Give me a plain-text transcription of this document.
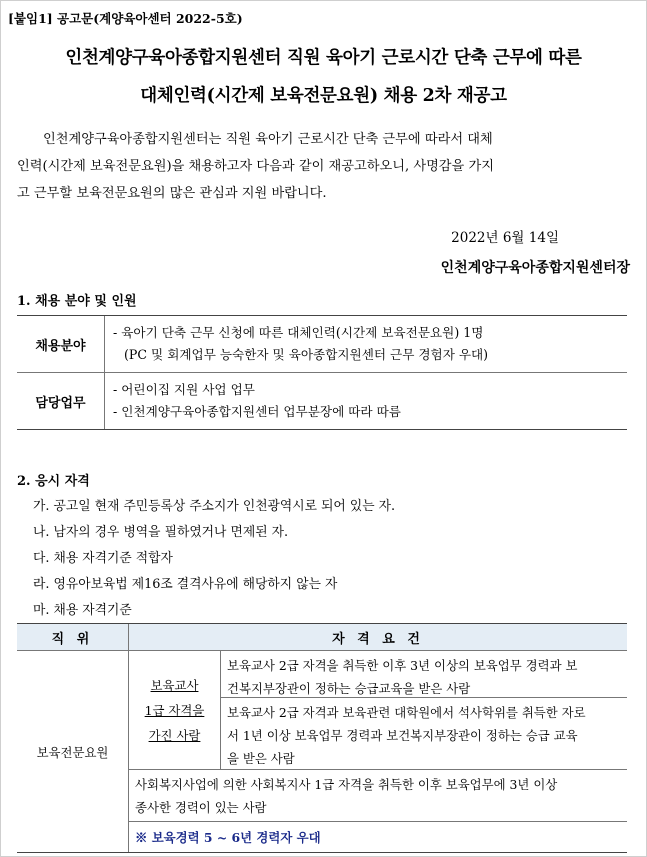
[붙임1] 공고문(계양육아센터 2022-5호)
인천계양구육아종합지원센터 직원 육아기 근로시간 단축 근무에 따른
대체인력(시간제 보육전문요원) 채용 2차 재공고
인천계양구육아종합지원센터는 직원 육아기 근로시간 단축 근무에 따라서 대체
인력(시간제 보육전문요원)을 채용하고자 다음과 같이 재공고하오니, 사명감을 가지
고 근무할 보육전문요원의 많은 관심과 지원 바랍니다.
2022년 6월 14일
인천계양구육아종합지원센터장
1. 채용 분야 및 인원
채용분야
- 육아기 단축 근무 신청에 따른 대체인력(시간제 보육전문요원) 1명
(PC 및 회계업무 능숙한자 및 육아종합지원센터 근무 경험자 우대)
담당업무
- 어린이집 지원 사업 업무
- 인천계양구육아종합지원센터 업무분장에 따라 따름
2. 응시 자격
가. 공고일 현재 주민등록상 주소지가 인천광역시로 되어 있는 자.
나. 남자의 경우 병역을 필하였거나 면제된 자.
다. 채용 자격기준 적합자
라. 영유아보육법 제16조 결격사유에 해당하지 않는 자
마. 채용 자격기준
직 위	자 격 요 건
보육전문요원
보육교사
1급 자격을
가진 사람
보육교사 2급 자격을 취득한 이후 3년 이상의 보육업무 경력과 보
건복지부장관이 정하는 승급교육을 받은 사람
보육교사 2급 자격과 보육관련 대학원에서 석사학위를 취득한 자로
서 1년 이상 보육업무 경력과 보건복지부장관이 정하는 승급 교육
을 받은 사람
사회복지사업에 의한 사회복지사 1급 자격을 취득한 이후 보육업무에 3년 이상
종사한 경력이 있는 사람
※ 보육경력 5 ~ 6년 경력자 우대
